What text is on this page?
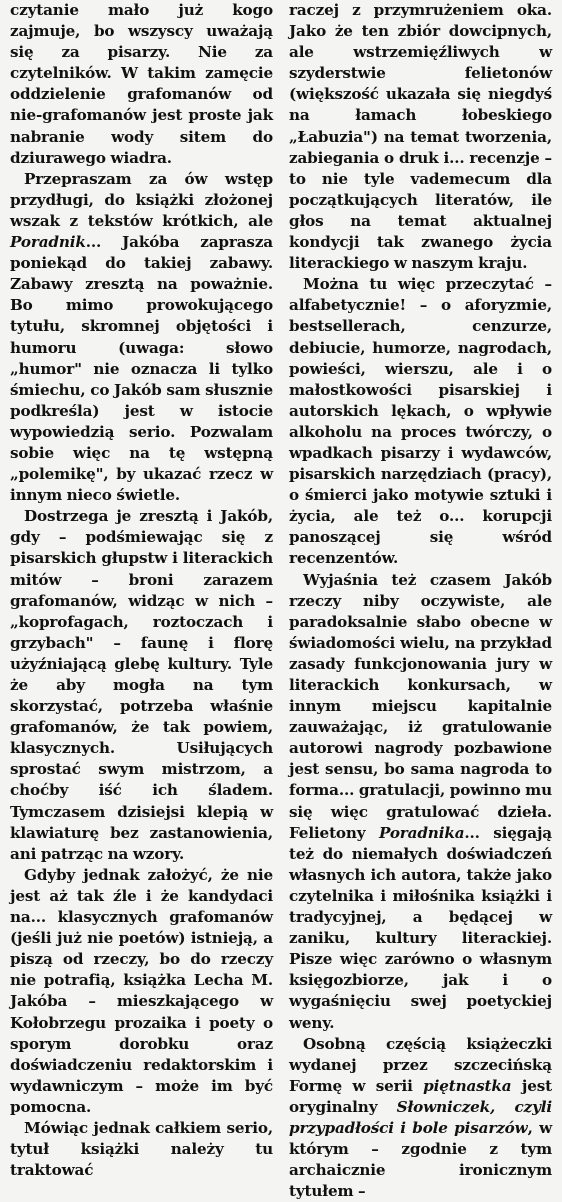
czytanie mało już kogo zajmuje, bo wszyscy uważają się za pisarzy. Nie za czytelników. W takim zamęcie oddzielenie grafomanów od nie-grafomanów jest proste jak nabranie wody sitem do dziurawego wiadra.

Przepraszam za ów wstęp przydługi, do książki złożonej wszak z tekstów krótkich, ale Poradnik... Jakóba zaprasza poniekąd do takiej zabawy. Zabawy zresztą na poważnie. Bo mimo prowokującego tytułu, skromnej objętości i humoru (uwaga: słowo „humor" nie oznacza li tylko śmiechu, co Jakób sam słusznie podkreśla) jest w istocie wypowiedzią serio. Pozwalam sobie więc na tę wstępną „polemikę", by ukazać rzecz w innym nieco świetle.

Dostrzega je zresztą i Jakób, gdy – podśmiewając się z pisarskich głupstw i literackich mitów – broni zarazem grafomanów, widząc w nich – „koprofagach, roztoczach i grzybach" – faunę i florę użyźniającą glebę kultury. Tyle że aby mogła na tym skorzystać, potrzeba właśnie grafomanów, że tak powiem, klasycznych. Usiłujących sprostać swym mistrzom, a choćby iść ich śladem. Tymczasem dzisiejsi klepią w klawiaturę bez zastanowienia, ani patrząc na wzory.

Gdyby jednak założyć, że nie jest aż tak źle i że kandydaci na... klasycznych grafomanów (jeśli już nie poetów) istnieją, a piszą od rzeczy, bo do rzeczy nie potrafią, książka Lecha M. Jakóba – mieszkającego w Kołobrzegu prozaika i poety o sporym dorobku oraz doświadczeniu redaktorskim i wydawniczym – może im być pomocna.

Mówiąc jednak całkiem serio, tytuł książki należy tu traktować

raczej z przymrużeniem oka. Jako że ten zbiór dowcipnych, ale wstrzemięźliwych w szyderstwie felietonów (większość ukazała się niegdyś na łamach łobeskiego „Łabuzia") na temat tworzenia, zabiegania o druk i... recenzje – to nie tyle vademecum dla początkujących literatów, ile głos na temat aktualnej kondycji tak zwanego życia literackiego w naszym kraju.

Można tu więc przeczytać – alfabetycznie! – o aforyzmie, bestsellerach, cenzurze, debiucie, humorze, nagrodach, powieści, wierszu, ale i o małostkowości pisarskiej i autorskich lękach, o wpływie alkoholu na proces twórczy, o wpadkach pisarzy i wydawców, pisarskich narzędziach (pracy), o śmierci jako motywie sztuki i życia, ale też o... korupcji panoszącej się wśród recenzentów.

Wyjaśnia też czasem Jakób rzeczy niby oczywiste, ale paradoksalnie słabo obecne w świadomości wielu, na przykład zasady funkcjonowania jury w literackich konkursach, w innym miejscu kapitalnie zauważając, iż gratulowanie autorowi nagrody pozbawione jest sensu, bo sama nagroda to forma... gratulacji, powinno mu się więc gratulować dzieła. Felietony Poradnika... sięgają też do niemałych doświadczeń własnych ich autora, także jako czytelnika i miłośnika książki i tradycyjnej, a będącej w zaniku, kultury literackiej. Pisze więc zarówno o własnym księgozbiorze, jak i o wygaśnięciu swej poetyckiej weny.

Osobną częścią książeczki wydanej przez szczecińską Formę w serii piętnastka jest oryginalny Słowniczek, czyli przypadłości i bole pisarzów, w którym – zgodnie z tym archaicznie ironicznym tytułem –
